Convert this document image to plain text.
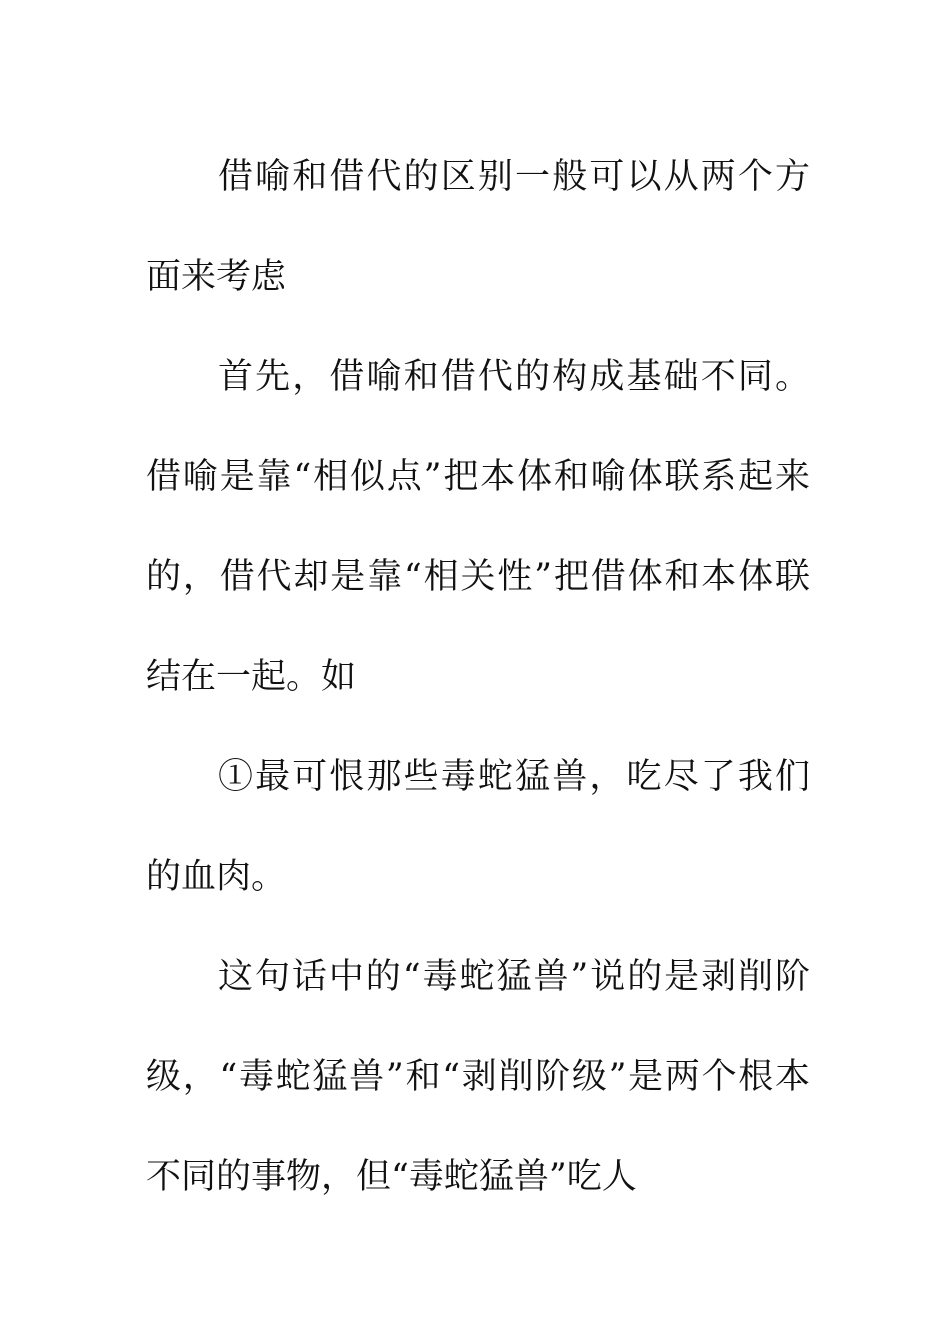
借喻和借代的区别一般可以从两个方面来考虑

首先，借喻和借代的构成基础不同。借喻是靠“相似点”把本体和喻体联系起来的，借代却是靠“相关性”把借体和本体联结在一起。如

①最可恨那些毒蛇猛兽，吃尽了我们的血肉。

这句话中的“毒蛇猛兽”说的是剥削阶级，“毒蛇猛兽”和“剥削阶级”是两个根本不同的事物，但“毒蛇猛兽”吃人
